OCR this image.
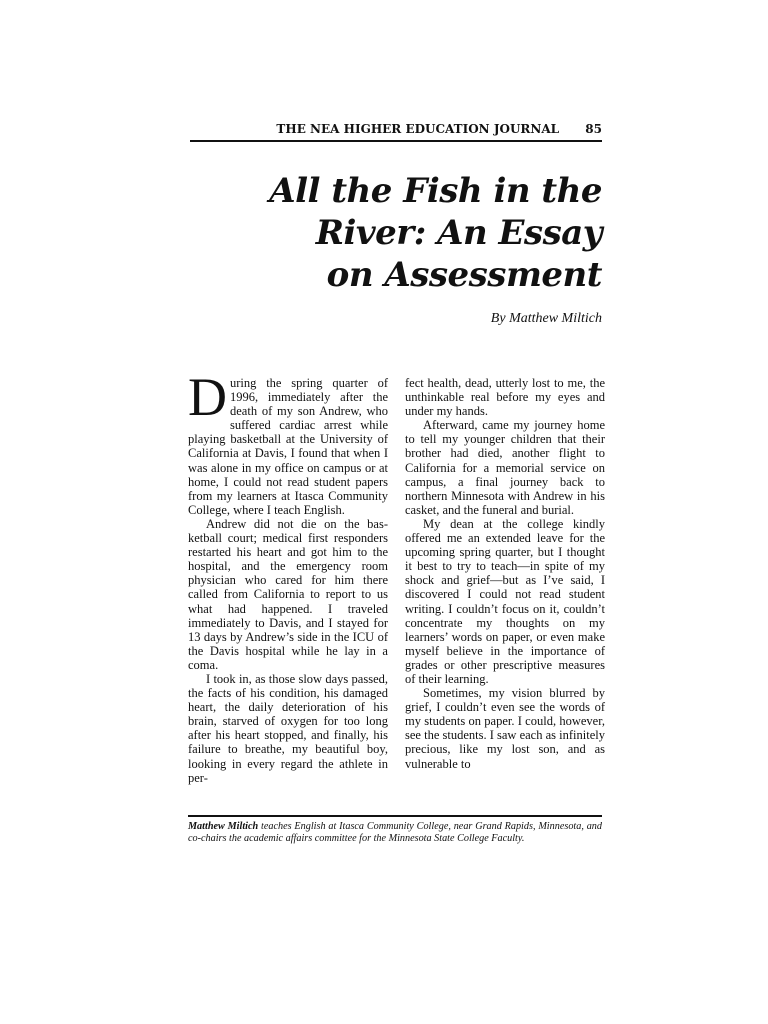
THE NEA HIGHER EDUCATION JOURNAL 85
All the Fish in the
River: An Essay
on Assessment
By Matthew Miltich

During the spring quarter of 1996, immediately after the death of my son Andrew, who suffered cardiac arrest while playing basketball at the University of California at Davis, I found that when I was alone in my office on campus or at home, I could not read student papers from my learners at Itasca Community College, where I teach English.

Andrew did not die on the basketball court; medical first responders restarted his heart and got him to the hospital, and the emergency room physician who cared for him there called from California to report to us what had happened. I traveled immediately to Davis, and I stayed for 13 days by Andrew’s side in the ICU of the Davis hospital while he lay in a coma.

I took in, as those slow days passed, the facts of his condition, his damaged heart, the daily deterioration of his brain, starved of oxygen for too long after his heart stopped, and finally, his failure to breathe, my beautiful boy, looking in every regard the athlete in per-

fect health, dead, utterly lost to me, the unthinkable real before my eyes and under my hands.

Afterward, came my journey home to tell my younger children that their brother had died, another flight to California for a memorial service on campus, a final journey back to northern Minnesota with Andrew in his casket, and the funeral and burial.

My dean at the college kindly offered me an extended leave for the upcoming spring quarter, but I thought it best to try to teach—in spite of my shock and grief—but as I’ve said, I discovered I could not read student writing. I couldn’t focus on it, couldn’t concentrate my thoughts on my learners’ words on paper, or even make myself believe in the importance of grades or other prescriptive measures of their learning.

Sometimes, my vision blurred by grief, I couldn’t even see the words of my students on paper. I could, however, see the students. I saw each as infinitely precious, like my lost son, and as vulnerable to

Matthew Miltich teaches English at Itasca Community College, near Grand Rapids, Minnesota, and co-chairs the academic affairs committee for the Minnesota State College Faculty.
